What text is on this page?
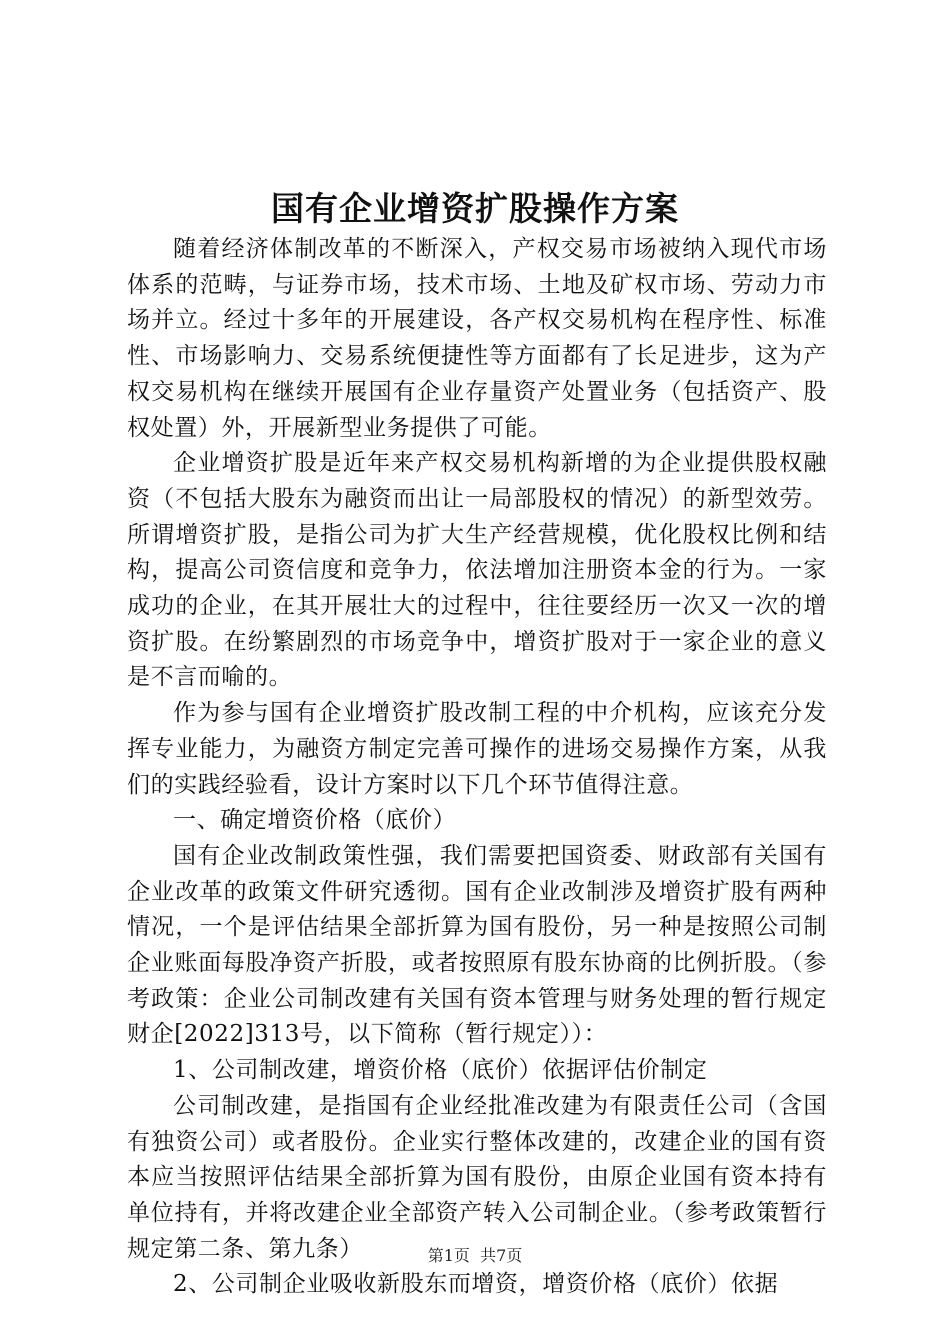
国有企业增资扩股操作方案

随着经济体制改革的不断深入，产权交易市场被纳入现代市场体系的范畴，与证券市场，技术市场、土地及矿权市场、劳动力市场并立。经过十多年的开展建设，各产权交易机构在程序性、标准性、市场影响力、交易系统便捷性等方面都有了长足进步，这为产权交易机构在继续开展国有企业存量资产处置业务（包括资产、股权处置）外，开展新型业务提供了可能。

企业增资扩股是近年来产权交易机构新增的为企业提供股权融资（不包括大股东为融资而出让一局部股权的情况）的新型效劳。所谓增资扩股，是指公司为扩大生产经营规模，优化股权比例和结构，提高公司资信度和竞争力，依法增加注册资本金的行为。一家成功的企业，在其开展壮大的过程中，往往要经历一次又一次的增资扩股。在纷繁剧烈的市场竞争中，增资扩股对于一家企业的意义是不言而喻的。

作为参与国有企业增资扩股改制工程的中介机构，应该充分发挥专业能力，为融资方制定完善可操作的进场交易操作方案，从我们的实践经验看，设计方案时以下几个环节值得注意。

一、确定增资价格（底价）

国有企业改制政策性强，我们需要把国资委、财政部有关国有企业改革的政策文件研究透彻。国有企业改制涉及增资扩股有两种情况，一个是评估结果全部折算为国有股份，另一种是按照公司制企业账面每股净资产折股，或者按照原有股东协商的比例折股。（参考政策：企业公司制改建有关国有资本管理与财务处理的暂行规定财企[2022]313号，以下简称（暂行规定））：

1、公司制改建，增资价格（底价）依据评估价制定

公司制改建，是指国有企业经批准改建为有限责任公司（含国有独资公司）或者股份。企业实行整体改建的，改建企业的国有资本应当按照评估结果全部折算为国有股份，由原企业国有资本持有单位持有，并将改建企业全部资产转入公司制企业。（参考政策暂行规定第二条、第九条）

2、公司制企业吸收新股东而增资，增资价格（底价）依据

第1页 共7页
